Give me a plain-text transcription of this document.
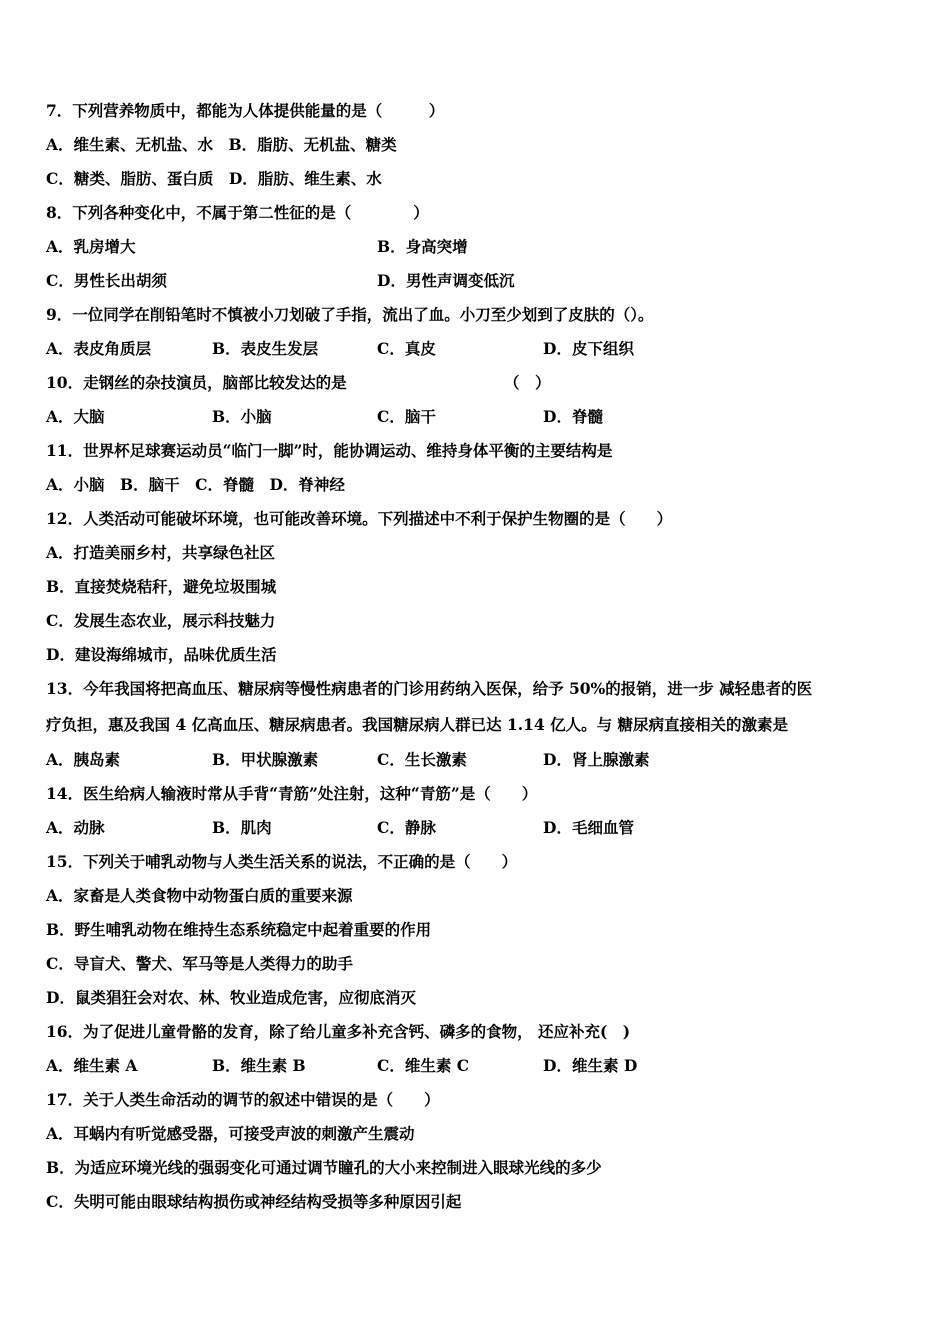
7．下列营养物质中，都能为人体提供能量的是（　　　）
A．维生素、无机盐、水　B．脂肪、无机盐、糖类
C．糖类、脂肪、蛋白质　D．脂肪、维生素、水
8．下列各种变化中，不属于第二性征的是（　　　　）
A．乳房增大	B．身高突增
C．男性长出胡须	D．男性声调变低沉
9．一位同学在削铅笔时不慎被小刀划破了手指，流出了血。小刀至少划到了皮肤的（）。
A．表皮角质层	B．表皮生发层	C．真皮	D．皮下组织
10．走钢丝的杂技演员，脑部比较发达的是	（　）
A．大脑	B．小脑	C．脑干	D．脊髓
11．世界杯足球赛运动员“临门一脚”时，能协调运动、维持身体平衡的主要结构是
A．小脑　B．脑干　C．脊髓　D．脊神经
12．人类活动可能破坏环境，也可能改善环境。下列描述中不利于保护生物圈的是（　　）
A．打造美丽乡村，共享绿色社区
B．直接焚烧秸秆，避免垃圾围城
C．发展生态农业，展示科技魅力
D．建设海绵城市，品味优质生活
13．今年我国将把高血压、糖尿病等慢性病患者的门诊用药纳入医保，给予 50%的报销，进一步 减轻患者的医
疗负担，惠及我国 4 亿高血压、糖尿病患者。我国糖尿病人群已达 1.14 亿人。与 糖尿病直接相关的激素是
A．胰岛素	B．甲状腺激素	C．生长激素	D．肾上腺激素
14．医生给病人输液时常从手背“青筋”处注射，这种“青筋”是（　　）
A．动脉	B．肌肉	C．静脉	D．毛细血管
15．下列关于哺乳动物与人类生活关系的说法，不正确的是（　　）
A．家畜是人类食物中动物蛋白质的重要来源
B．野生哺乳动物在维持生态系统稳定中起着重要的作用
C．导盲犬、警犬、军马等是人类得力的助手
D．鼠类猖狂会对农、林、牧业造成危害，应彻底消灭
16．为了促进儿童骨骼的发育，除了给儿童多补充含钙、磷多的食物， 还应补充(　)
A．维生素 A	B．维生素 B	C．维生素 C	D．维生素 D
17．关于人类生命活动的调节的叙述中错误的是（　　）
A．耳蜗内有听觉感受器，可接受声波的刺激产生震动
B．为适应环境光线的强弱变化可通过调节瞳孔的大小来控制进入眼球光线的多少
C．失明可能由眼球结构损伤或神经结构受损等多种原因引起
